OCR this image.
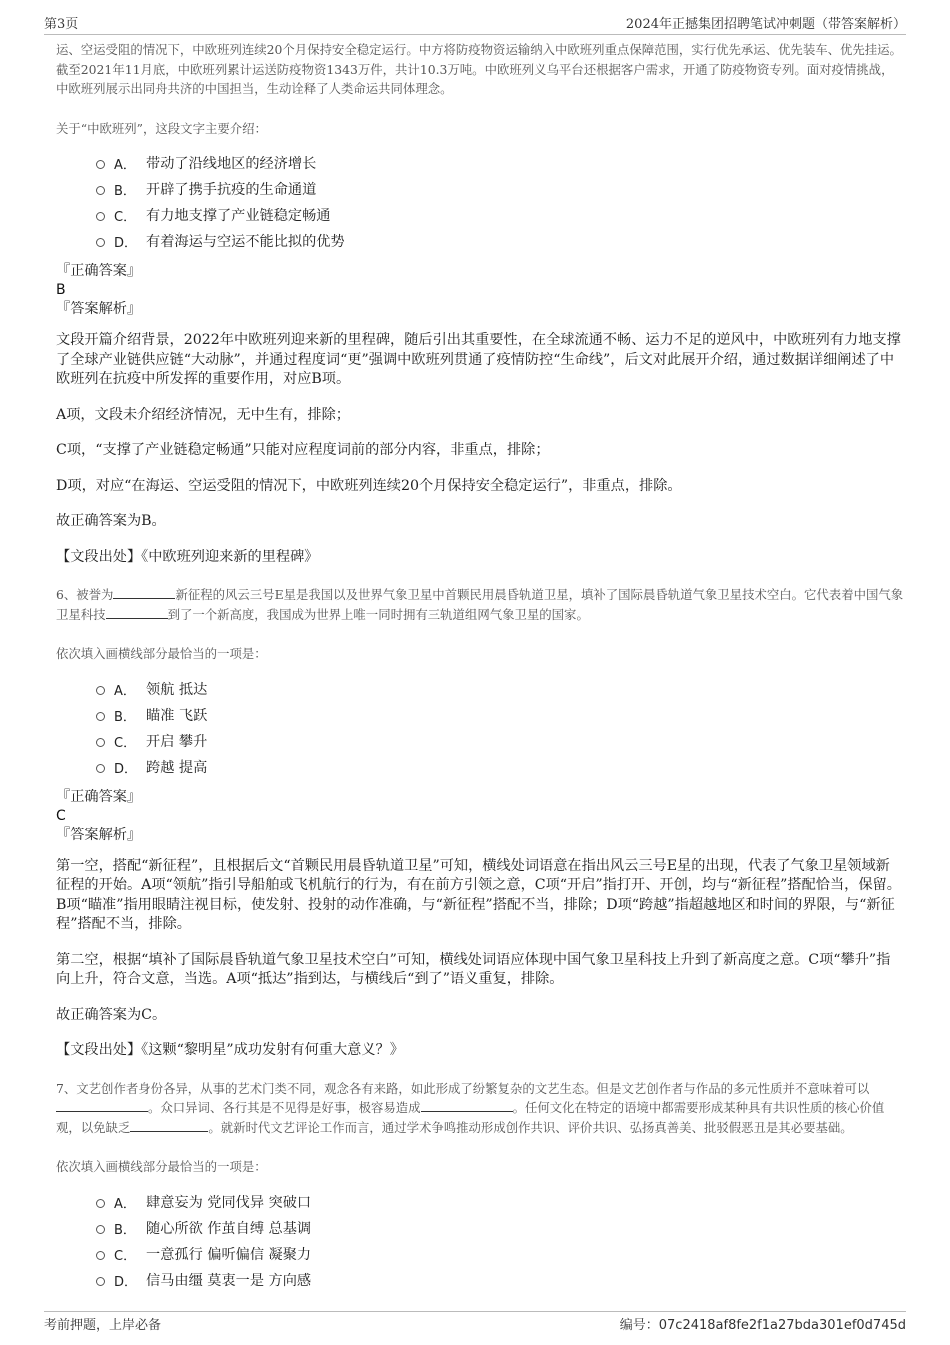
第3页	2024年正撼集团招聘笔试冲刺题（带答案解析）

运、空运受阻的情况下，中欧班列连续20个月保持安全稳定运行。中方将防疫物资运输纳入中欧班列重点保障范围，实行优先承运、优先装车、优先挂运。截至2021年11月底，中欧班列累计运送防疫物资1343万件，共计10.3万吨。中欧班列义乌平台还根据客户需求，开通了防疫物资专列。面对疫情挑战，中欧班列展示出同舟共济的中国担当，生动诠释了人类命运共同体理念。

关于“中欧班列”，这段文字主要介绍：

A． 带动了沿线地区的经济增长
B． 开辟了携手抗疫的生命通道
C． 有力地支撑了产业链稳定畅通
D． 有着海运与空运不能比拟的优势

『正确答案』

B

『答案解析』

文段开篇介绍背景，2022年中欧班列迎来新的里程碑，随后引出其重要性，在全球流通不畅、运力不足的逆风中，中欧班列有力地支撑了全球产业链供应链“大动脉”，并通过程度词“更”强调中欧班列贯通了疫情防控“生命线”，后文对此展开介绍，通过数据详细阐述了中欧班列在抗疫中所发挥的重要作用，对应B项。

A项，文段未介绍经济情况，无中生有，排除；

C项，“支撑了产业链稳定畅通”只能对应程度词前的部分内容，非重点，排除；

D项，对应“在海运、空运受阻的情况下，中欧班列连续20个月保持安全稳定运行”，非重点，排除。

故正确答案为B。

【文段出处】《中欧班列迎来新的里程碑》

6、被誉为	新征程的风云三号E星是我国以及世界气象卫星中首颗民用晨昏轨道卫星，填补了国际晨昏轨道气象卫星技术空白。它代表着中国气象卫星科技	到了一个新高度，我国成为世界上唯一同时拥有三轨道组网气象卫星的国家。

依次填入画横线部分最恰当的一项是：

A． 领航 抵达
B． 瞄准 飞跃
C． 开启 攀升
D． 跨越 提高

『正确答案』

C

『答案解析』

第一空，搭配“新征程”，且根据后文“首颗民用晨昏轨道卫星”可知，横线处词语意在指出风云三号E星的出现，代表了气象卫星领域新征程的开始。A项“领航”指引导船舶或飞机航行的行为，有在前方引领之意，C项“开启”指打开、开创，均与“新征程”搭配恰当，保留。B项“瞄准”指用眼睛注视目标，使发射、投射的动作准确，与“新征程”搭配不当，排除；D项“跨越”指超越地区和时间的界限，与“新征程”搭配不当，排除。

第二空，根据“填补了国际晨昏轨道气象卫星技术空白”可知，横线处词语应体现中国气象卫星科技上升到了新高度之意。C项“攀升”指向上升，符合文意，当选。A项“抵达”指到达，与横线后“到了”语义重复，排除。

故正确答案为C。

【文段出处】《这颗“黎明星”成功发射有何重大意义？》

7、文艺创作者身份各异，从事的艺术门类不同，观念各有来路，如此形成了纷繁复杂的文艺生态。但是文艺创作者与作品的多元性质并不意味着可以。众口异词、各行其是不见得是好事，极容易造成	。任何文化在特定的语境中都需要形成某种具有共识性质的核心价值观，以免缺乏	。就新时代文艺评论工作而言，通过学术争鸣推动形成创作共识、评价共识、弘扬真善美、批驳假恶丑是其必要基础。

依次填入画横线部分最恰当的一项是：

A． 肆意妄为 党同伐异 突破口
B． 随心所欲 作茧自缚 总基调
C． 一意孤行 偏听偏信 凝聚力
D． 信马由缰 莫衷一是 方向感
考前押题，上岸必备	编号：07c2418af8fe2f1a27bda301ef0d745d
